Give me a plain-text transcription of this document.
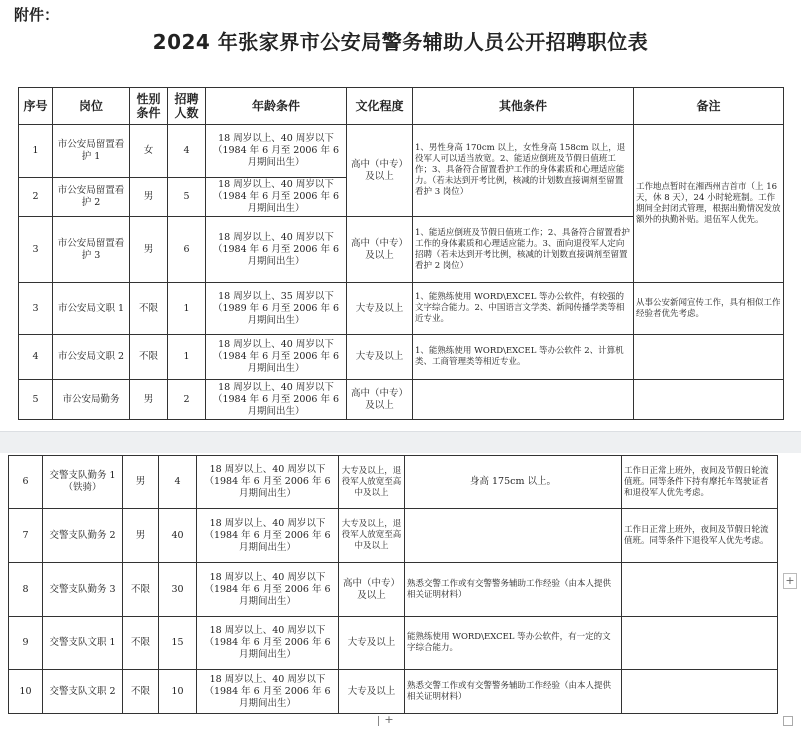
附件：
2024 年张家界市公安局警务辅助人员公开招聘职位表
序号	岗位	性别条件	招聘人数	年龄条件	文化程度	其他条件	备注
1	市公安局留置看护 1	女	4	18 周岁以上、40 周岁以下（1984 年 6 月至 2006 年 6 月期间出生）	高中（中专）及以上	1、男性身高 170cm 以上，女性身高 158cm 以上，退役军人可以适当放宽。2、能适应倒班及节假日值班工作；3、具备符合留置看护工作的身体素质和心理适应能力。（若未达到开考比例，核减的计划数直接调剂至留置看护 3 岗位）	工作地点暂时在湘西州吉首市（上 16 天，休 8 天），24 小时轮班制。工作期间全封闭式管理，根据出勤情况发放额外的执勤补贴。退伍军人优先。
2	市公安局留置看护 2	男	5	18 周岁以上、40 周岁以下（1984 年 6 月至 2006 年 6 月期间出生）			
3	市公安局留置看护 3	男	6	18 周岁以上、40 周岁以下（1984 年 6 月至 2006 年 6 月期间出生）	高中（中专）及以上	1、能适应倒班及节假日值班工作；2、具备符合留置看护工作的身体素质和心理适应能力。3、面向退役军人定向招聘（若未达到开考比例，核减的计划数直接调剂至留置看护 2 岗位）	
3	市公安局文职 1	不限	1	18 周岁以上、35 周岁以下（1989 年 6 月至 2006 年 6 月期间出生）	大专及以上	1、能熟练使用 WORD\EXCEL 等办公软件，有较强的文字综合能力。2、中国语言文学类、新闻传播学类等相近专业。	从事公安新闻宣传工作，具有相似工作经验者优先考虑。
4	市公安局文职 2	不限	1	18 周岁以上、40 周岁以下（1984 年 6 月至 2006 年 6 月期间出生）	大专及以上	1、能熟练使用 WORD\EXCEL 等办公软件 2、计算机类、工商管理类等相近专业。	
5	市公安局勤务	男	2	18 周岁以上、40 周岁以下（1984 年 6 月至 2006 年 6 月期间出生）	高中（中专）及以上		
6	交警支队勤务 1（铁骑）	男	4	18 周岁以上、40 周岁以下（1984 年 6 月至 2006 年 6 月期间出生）	大专及以上，退役军人放宽至高中及以上	身高 175cm 以上。	工作日正常上班外，夜间及节假日轮流值班。同等条件下持有摩托车驾驶证者和退役军人优先考虑。
7	交警支队勤务 2	男	40	18 周岁以上、40 周岁以下（1984 年 6 月至 2006 年 6 月期间出生）	大专及以上，退役军人放宽至高中及以上		工作日正常上班外，夜间及节假日轮流值班。同等条件下退役军人优先考虑。
8	交警支队勤务 3	不限	30	18 周岁以上、40 周岁以下（1984 年 6 月至 2006 年 6 月期间出生）	高中（中专）及以上	熟悉交警工作或有交警警务辅助工作经验（由本人提供相关证明材料）	
9	交警支队文职 1	不限	15	18 周岁以上、40 周岁以下（1984 年 6 月至 2006 年 6 月期间出生）	大专及以上	能熟练使用 WORD\EXCEL 等办公软件，有一定的文字综合能力。	
10	交警支队文职 2	不限	10	18 周岁以上、40 周岁以下（1984 年 6 月至 2006 年 6 月期间出生）	大专及以上	熟悉交警工作或有交警警务辅助工作经验（由本人提供相关证明材料）	
+
+
